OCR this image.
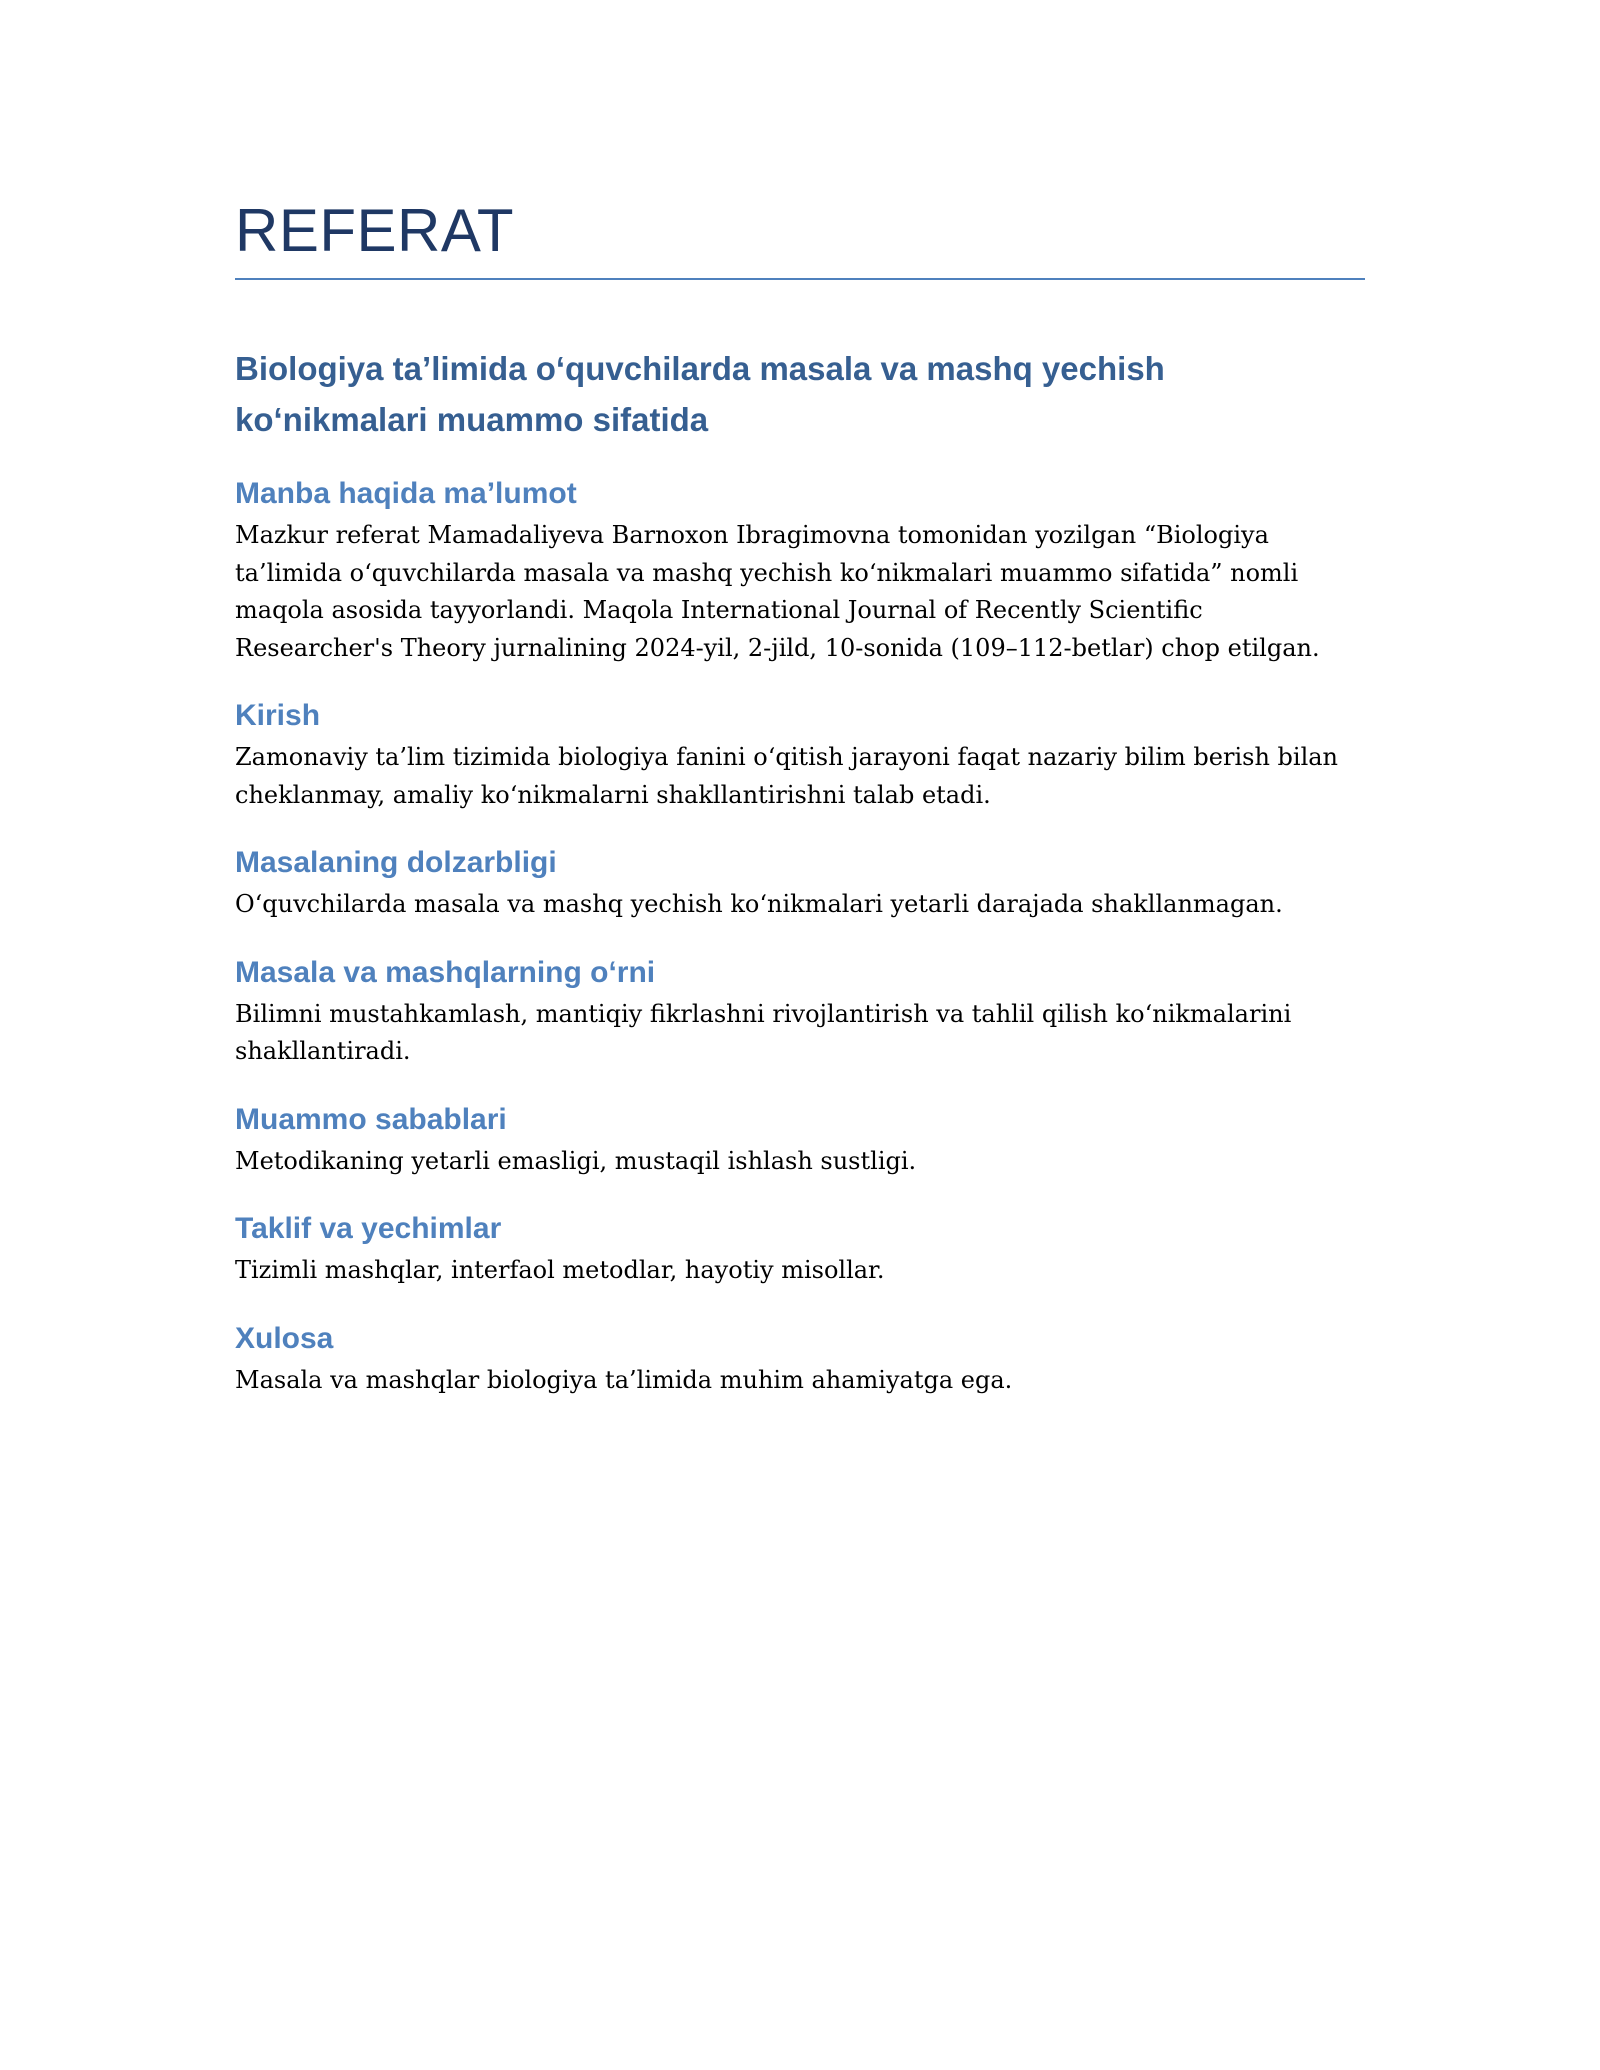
REFERAT
Biologiya ta’limida o‘quvchilarda masala va mashq yechish ko‘nikmalari muammo sifatida
Manba haqida ma’lumot

Mazkur referat Mamadaliyeva Barnoxon Ibragimovna tomonidan yozilgan “Biologiya ta’limida o‘quvchilarda masala va mashq yechish ko‘nikmalari muammo sifatida” nomli maqola asosida tayyorlandi. Maqola International Journal of Recently Scientific Researcher's Theory jurnalining 2024-yil, 2-jild, 10-sonida (109–112-betlar) chop etilgan.

Kirish

Zamonaviy ta’lim tizimida biologiya fanini o‘qitish jarayoni faqat nazariy bilim berish bilan cheklanmay, amaliy ko‘nikmalarni shakllantirishni talab etadi.

Masalaning dolzarbligi

O‘quvchilarda masala va mashq yechish ko‘nikmalari yetarli darajada shakllanmagan.

Masala va mashqlarning o‘rni

Bilimni mustahkamlash, mantiqiy fikrlashni rivojlantirish va tahlil qilish ko‘nikmalarini shakllantiradi.

Muammo sabablari

Metodikaning yetarli emasligi, mustaqil ishlash sustligi.

Taklif va yechimlar

Tizimli mashqlar, interfaol metodlar, hayotiy misollar.

Xulosa

Masala va mashqlar biologiya ta’limida muhim ahamiyatga ega.
